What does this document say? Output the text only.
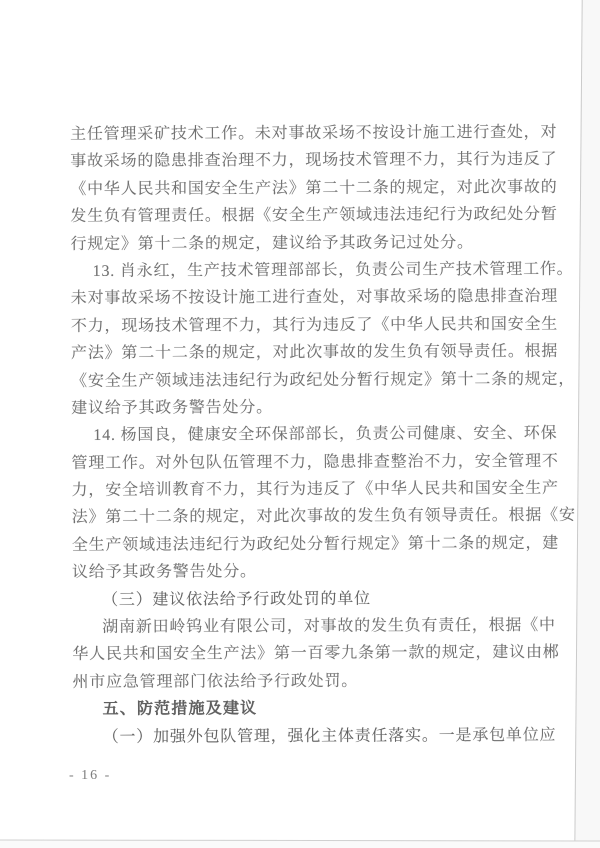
主任管理采矿技术工作。未对事故采场不按设计施工进行查处，对
事故采场的隐患排查治理不力，现场技术管理不力，其行为违反了
《中华人民共和国安全生产法》第二十二条的规定，对此次事故的
发生负有管理责任。根据《安全生产领域违法违纪行为政纪处分暂
行规定》第十二条的规定，建议给予其政务记过处分。
13. 肖永红，生产技术管理部部长，负责公司生产技术管理工作。
未对事故采场不按设计施工进行查处，对事故采场的隐患排查治理
不力，现场技术管理不力，其行为违反了《中华人民共和国安全生
产法》第二十二条的规定，对此次事故的发生负有领导责任。根据
《安全生产领域违法违纪行为政纪处分暂行规定》第十二条的规定，
建议给予其政务警告处分。
14. 杨国良，健康安全环保部部长，负责公司健康、安全、环保
管理工作。对外包队伍管理不力，隐患排查整治不力，安全管理不
力，安全培训教育不力，其行为违反了《中华人民共和国安全生产
法》第二十二条的规定，对此次事故的发生负有领导责任。根据《安
全生产领域违法违纪行为政纪处分暂行规定》第十二条的规定，建
议给予其政务警告处分。
（三）建议依法给予行政处罚的单位
湖南新田岭钨业有限公司，对事故的发生负有责任，根据《中
华人民共和国安全生产法》第一百零九条第一款的规定，建议由郴
州市应急管理部门依法给予行政处罚。
五、防范措施及建议
（一）加强外包队管理，强化主体责任落实。一是承包单位应
- 16 -
